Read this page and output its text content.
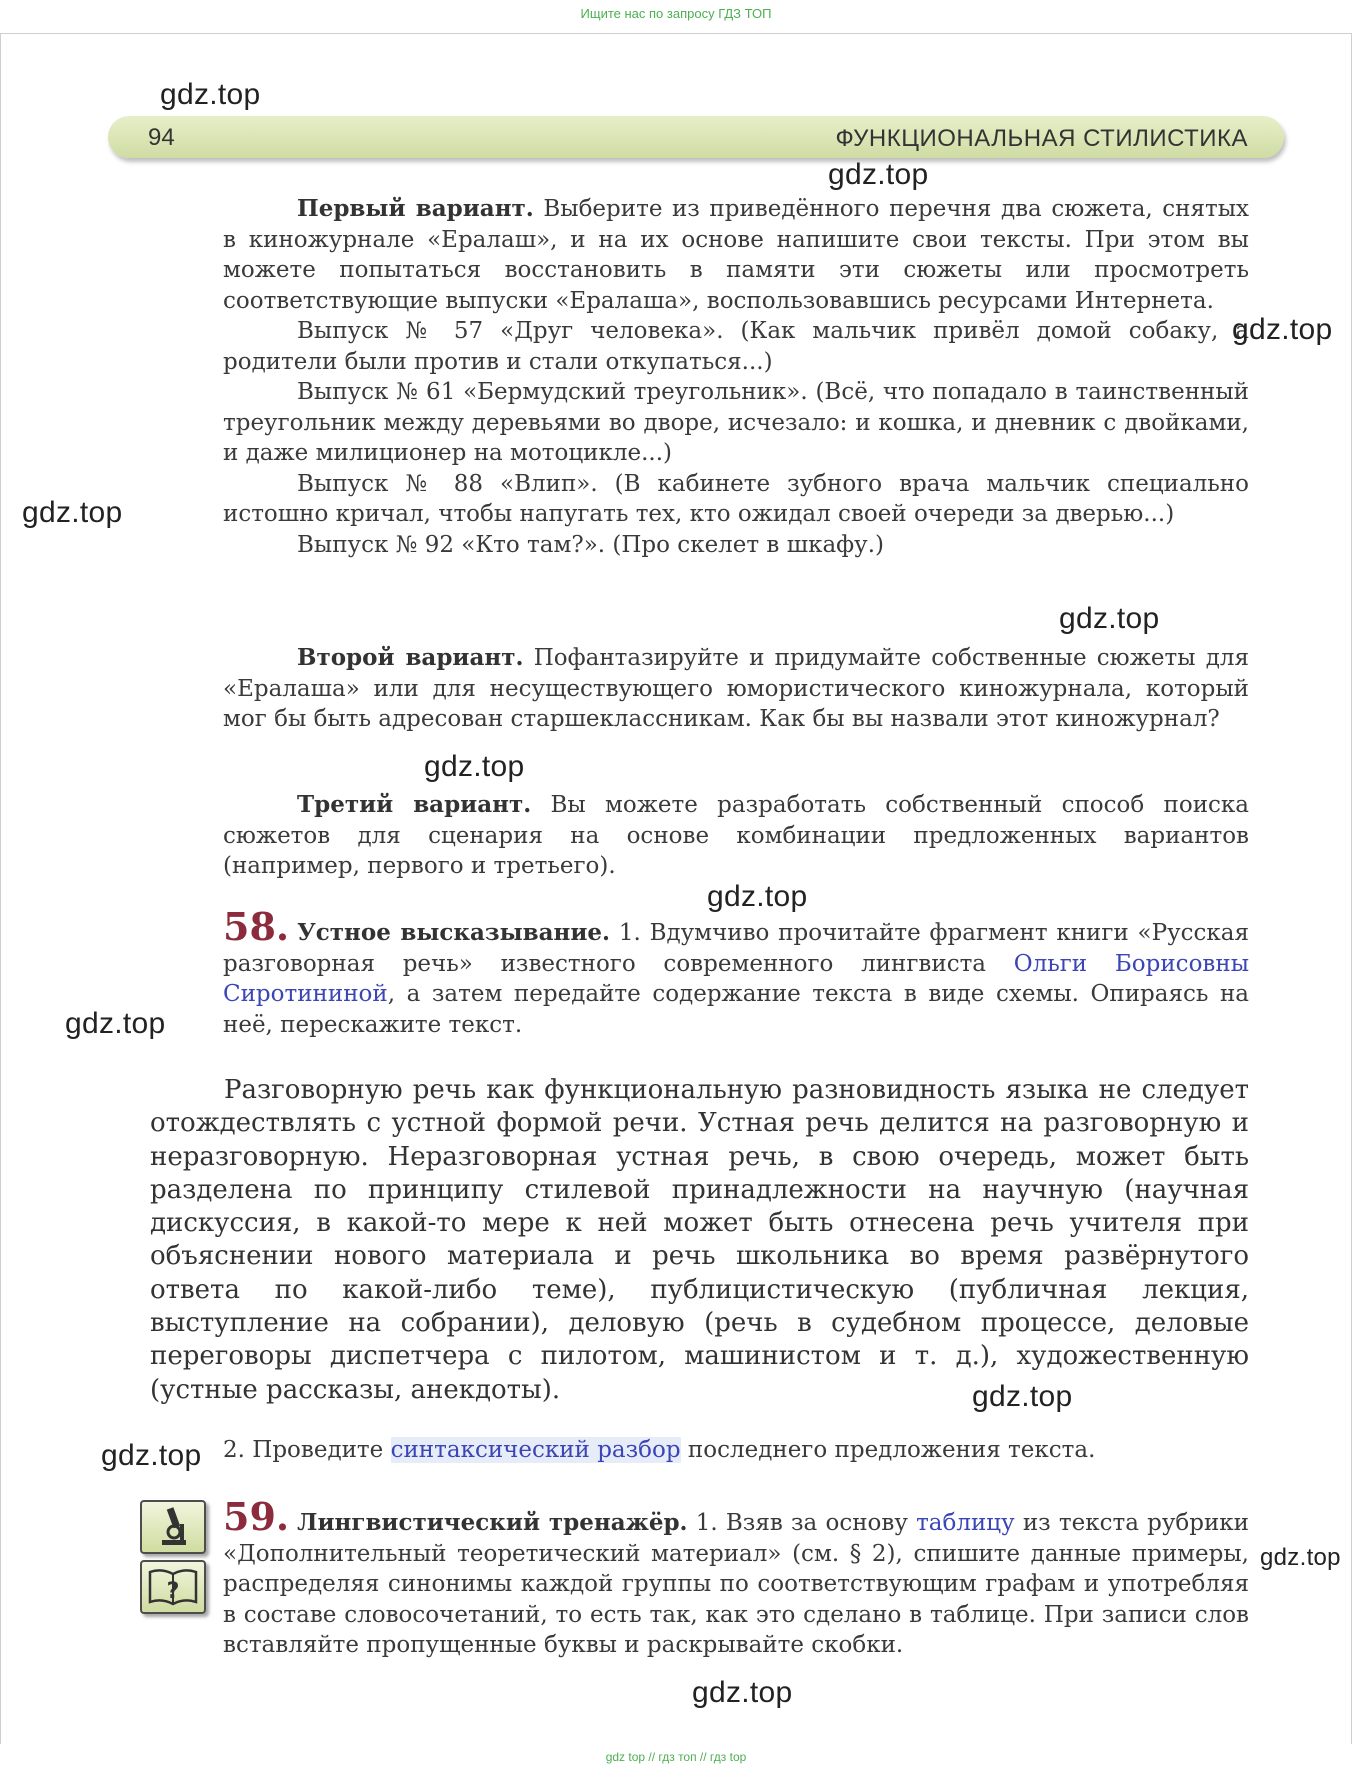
Ищите нас по запросу ГДЗ ТОП
94	ФУНКЦИОНАЛЬНАЯ СТИЛИСТИКА

Первый вариант. Выберите из приведённого перечня два сюжета, снятых в киножурнале «Ералаш», и на их основе напишите свои тексты. При этом вы можете попытаться восстановить в памяти эти сюжеты или просмотреть соответствующие выпуски «Ералаша», воспользовавшись ресурсами Интернета.

Выпуск № 57 «Друг человека». (Как мальчик привёл домой собаку, а родители были против и стали откупаться...)

Выпуск № 61 «Бермудский треугольник». (Всё, что попадало в таинственный треугольник между деревьями во дворе, исчезало: и кошка, и дневник с двойками, и даже милиционер на мотоцикле...)

Выпуск № 88 «Влип». (В кабинете зубного врача мальчик специально истошно кричал, чтобы напугать тех, кто ожидал своей очереди за дверью...)

Выпуск № 92 «Кто там?». (Про скелет в шкафу.)

Второй вариант. Пофантазируйте и придумайте собственные сюжеты для «Ералаша» или для несуществующего юмористического киножурнала, который мог бы быть адресован старшеклассникам. Как бы вы назвали этот киножурнал?

Третий вариант. Вы можете разработать собственный способ поиска сюжетов для сценария на основе комбинации предложенных вариантов (например, первого и третьего).

58. Устное высказывание. 1. Вдумчиво прочитайте фрагмент книги «Русская разговорная речь» известного современного лингвиста Ольги Борисовны Сиротининой, а затем передайте содержание текста в виде схемы. Опираясь на неё, перескажите текст.

Разговорную речь как функциональную разновидность языка не следует отождествлять с устной формой речи. Устная речь делится на разговорную и неразговорную. Неразговорная устная речь, в свою очередь, может быть разделена по принципу стилевой принадлежности на научную (научная дискуссия, в какой-то мере к ней может быть отнесена речь учителя при объяснении нового материала и речь школьника во время развёрнутого ответа по какой-либо теме), публицистическую (публичная лекция, выступление на собрании), деловую (речь в судебном процессе, деловые переговоры диспетчера с пилотом, машинистом и т. д.), художественную (устные рассказы, анекдоты).

2. Проведите синтаксический разбор последнего предложения текста.

?

59. Лингвистический тренажёр. 1. Взяв за основу таблицу из текста рубрики «Дополнительный теоретический материал» (см. § 2), спишите данные примеры, распределяя синонимы каждой группы по соответствующим графам и употребляя в составе словосочетаний, то есть так, как это сделано в таблице. При записи слов вставляйте пропущенные буквы и раскрывайте скобки.

gdz.top
gdz.top
gdz.top
gdz.top
gdz.top
gdz.top
gdz.top
gdz.top
gdz.top
gdz.top
gdz.top
gdz.top
gdz top // гдз топ // гдз top
